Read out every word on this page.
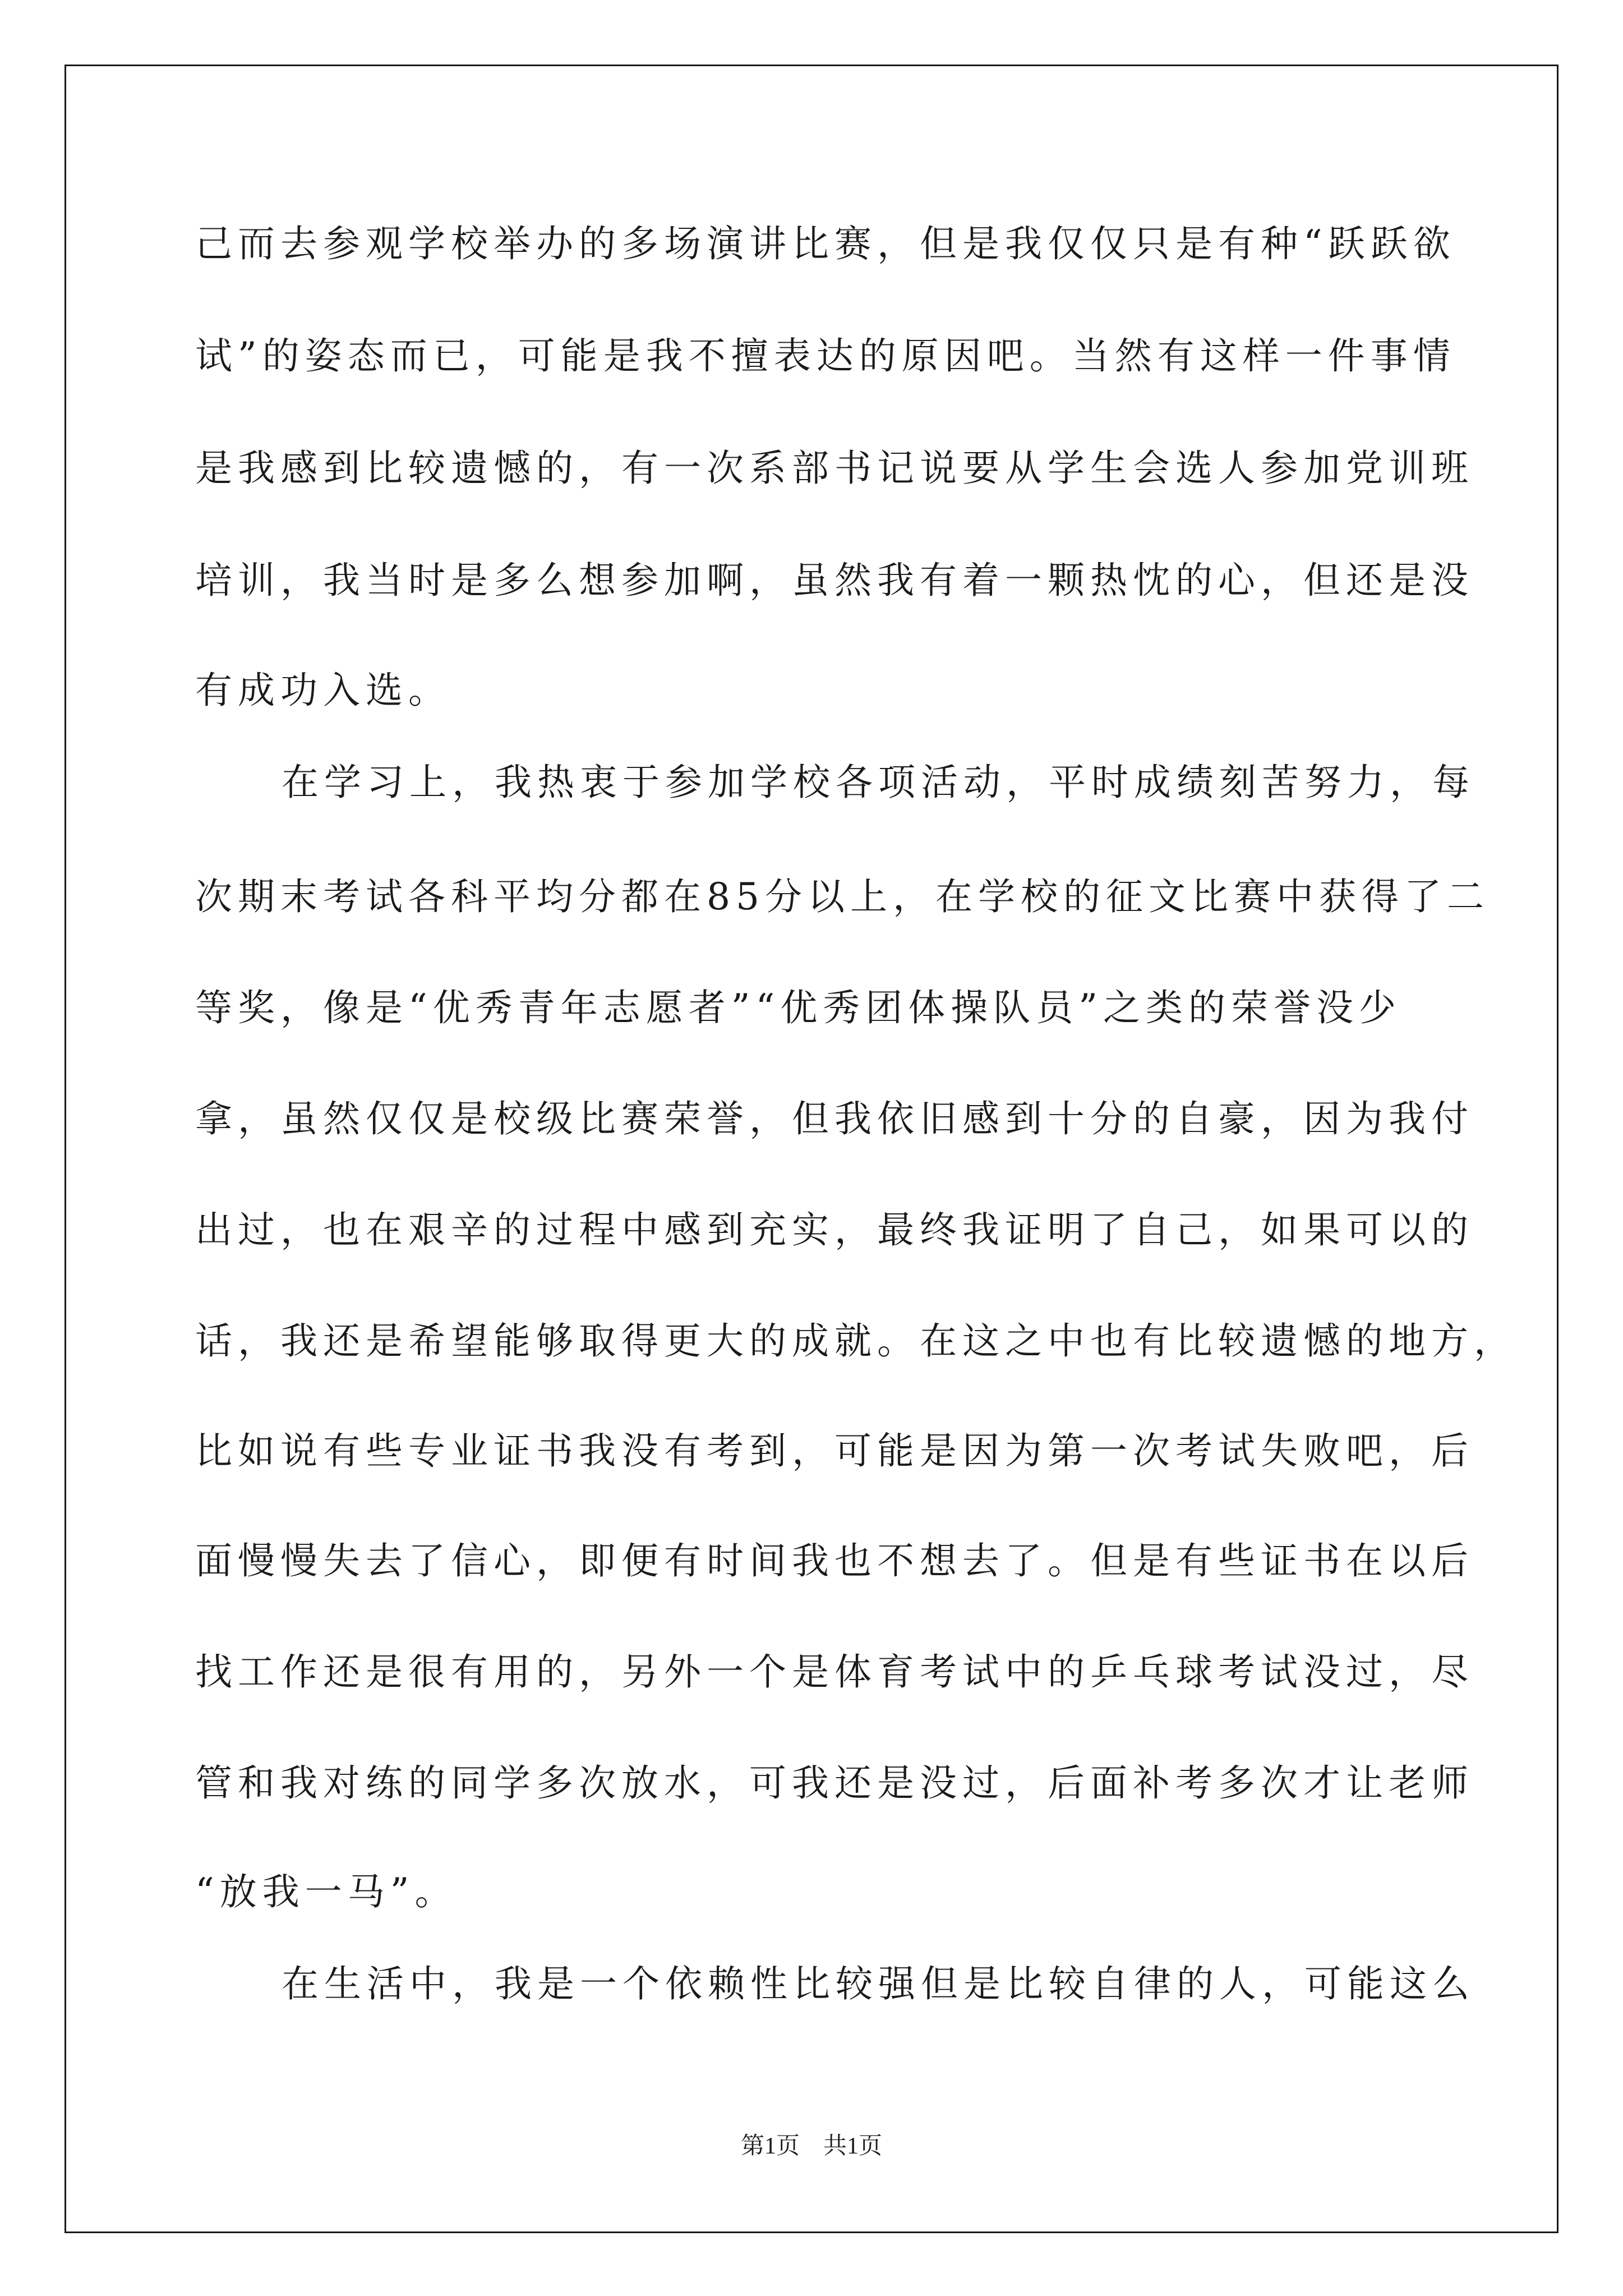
己而去参观学校举办的多场演讲比赛，但是我仅仅只是有种“跃跃欲

试”的姿态而已，可能是我不擅表达的原因吧。当然有这样一件事情

是我感到比较遗憾的，有一次系部书记说要从学生会选人参加党训班

培训，我当时是多么想参加啊，虽然我有着一颗热忱的心，但还是没

有成功入选。

在学习上，我热衷于参加学校各项活动，平时成绩刻苦努力，每

次期末考试各科平均分都在85分以上，在学校的征文比赛中获得了二

等奖，像是“优秀青年志愿者”“优秀团体操队员”之类的荣誉没少

拿，虽然仅仅是校级比赛荣誉，但我依旧感到十分的自豪，因为我付

出过，也在艰辛的过程中感到充实，最终我证明了自己，如果可以的

话，我还是希望能够取得更大的成就。在这之中也有比较遗憾的地方，

比如说有些专业证书我没有考到，可能是因为第一次考试失败吧，后

面慢慢失去了信心，即便有时间我也不想去了。但是有些证书在以后

找工作还是很有用的，另外一个是体育考试中的乒乓球考试没过，尽

管和我对练的同学多次放水，可我还是没过，后面补考多次才让老师

“放我一马”。

在生活中，我是一个依赖性比较强但是比较自律的人，可能这么

第1页　共1页
